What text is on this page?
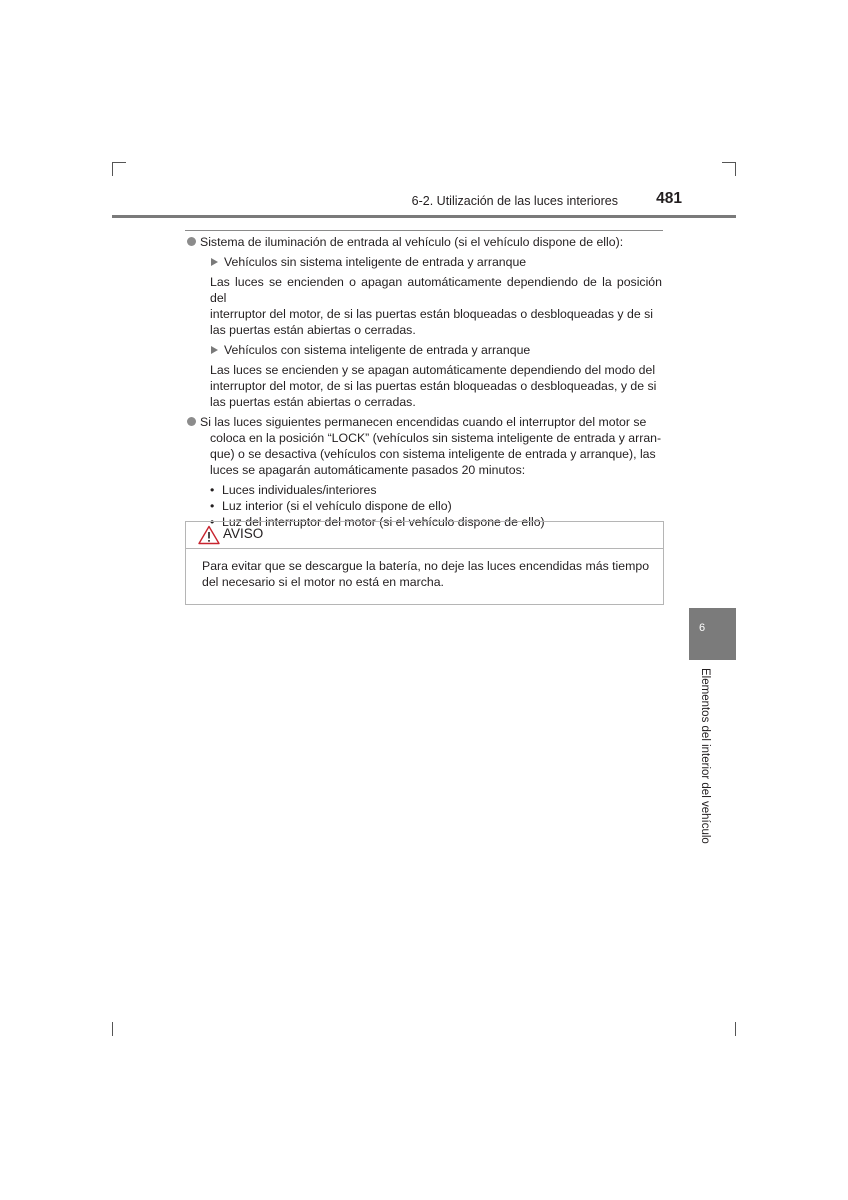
6-2. Utilización de las luces interiores	481
Sistema de iluminación de entrada al vehículo (si el vehículo dispone de ello):
Vehículos sin sistema inteligente de entrada y arranque
Las luces se encienden o apagan automáticamente dependiendo de la posición del
interruptor del motor, de si las puertas están bloqueadas o desbloqueadas y de si
las puertas están abiertas o cerradas.
Vehículos con sistema inteligente de entrada y arranque
Las luces se encienden y se apagan automáticamente dependiendo del modo del
interruptor del motor, de si las puertas están bloqueadas o desbloqueadas, y de si
las puertas están abiertas o cerradas.
Si las luces siguientes permanecen encendidas cuando el interruptor del motor se
coloca en la posición “LOCK” (vehículos sin sistema inteligente de entrada y arran-
que) o se desactiva (vehículos con sistema inteligente de entrada y arranque), las
luces se apagarán automáticamente pasados 20 minutos:
• Luces individuales/interiores
• Luz interior (si el vehículo dispone de ello)
• Luz del interruptor del motor (si el vehículo dispone de ello)
AVISO
Para evitar que se descargue la batería, no deje las luces encendidas más tiempo
del necesario si el motor no está en marcha.
6
Elementos del interior del vehículo
